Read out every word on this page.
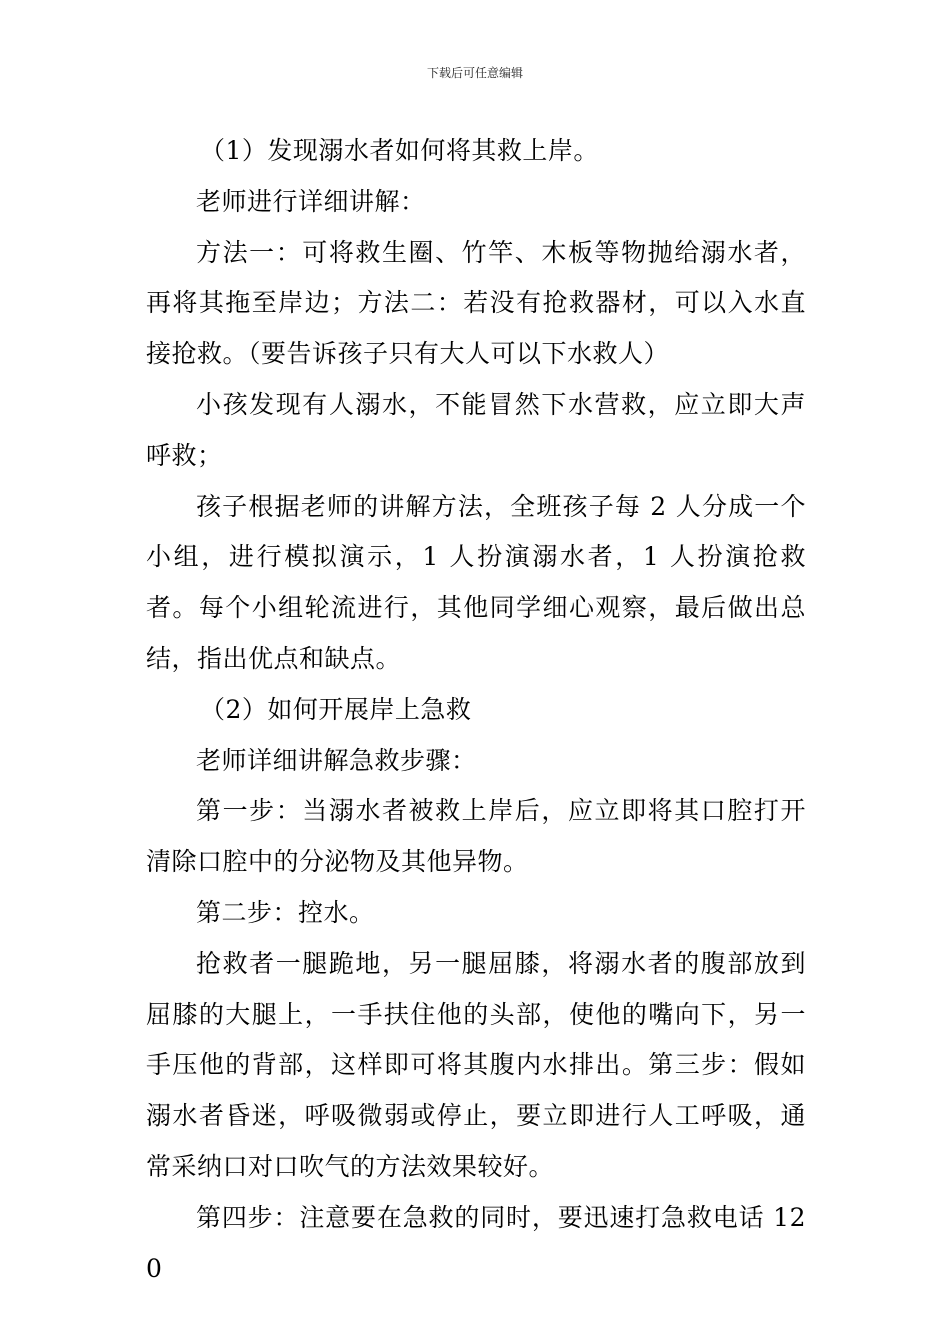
下载后可任意编辑

（1）发现溺水者如何将其救上岸。

老师进行详细讲解：

方法一：可将救生圈、竹竿、木板等物抛给溺水者，再将其拖至岸边；方法二：若没有抢救器材，可以入水直接抢救。（要告诉孩子只有大人可以下水救人）

小孩发现有人溺水，不能冒然下水营救，应立即大声呼救；

孩子根据老师的讲解方法，全班孩子每 2 人分成一个小组，进行模拟演示，1 人扮演溺水者，1 人扮演抢救者。每个小组轮流进行，其他同学细心观察，最后做出总结，指出优点和缺点。

（2）如何开展岸上急救

老师详细讲解急救步骤：

第一步：当溺水者被救上岸后，应立即将其口腔打开清除口腔中的分泌物及其他异物。

第二步：控水。

抢救者一腿跪地，另一腿屈膝，将溺水者的腹部放到屈膝的大腿上，一手扶住他的头部，使他的嘴向下，另一手压他的背部，这样即可将其腹内水排出。第三步：假如溺水者昏迷，呼吸微弱或停止，要立即进行人工呼吸，通常采纳口对口吹气的方法效果较好。

第四步：注意要在急救的同时，要迅速打急救电话 120
